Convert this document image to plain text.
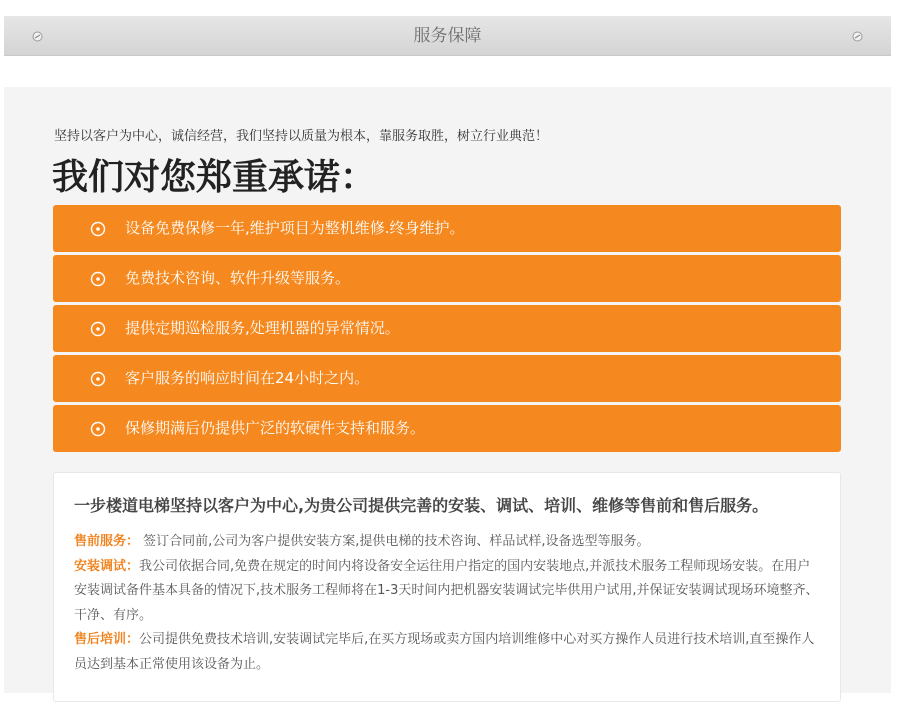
服务保障
坚持以客户为中心，诚信经营，我们坚持以质量为根本，靠服务取胜，树立行业典范！
我们对您郑重承诺：
设备免费保修一年,维护项目为整机维修.终身维护。
免费技术咨询、软件升级等服务。
提供定期巡检服务,处理机器的异常情况。
客户服务的响应时间在24小时之内。
保修期满后仍提供广泛的软硬件支持和服务。
一步楼道电梯坚持以客户为中心,为贵公司提供完善的安装、调试、培训、维修等售前和售后服务。
售前服务： 签订合同前,公司为客户提供安装方案,提供电梯的技术咨询、样品试样,设备选型等服务。
安装调试：我公司依据合同,免费在规定的时间内将设备安全运往用户指定的国内安装地点,并派技术服务工程师现场安装。在用户安装调试备件基本具备的情况下,技术服务工程师将在1-3天时间内把机器安装调试完毕供用户试用,并保证安装调试现场环境整齐、干净、有序。
售后培训：公司提供免费技术培训,安装调试完毕后,在买方现场或卖方国内培训维修中心对买方操作人员进行技术培训,直至操作人员达到基本正常使用该设备为止。
